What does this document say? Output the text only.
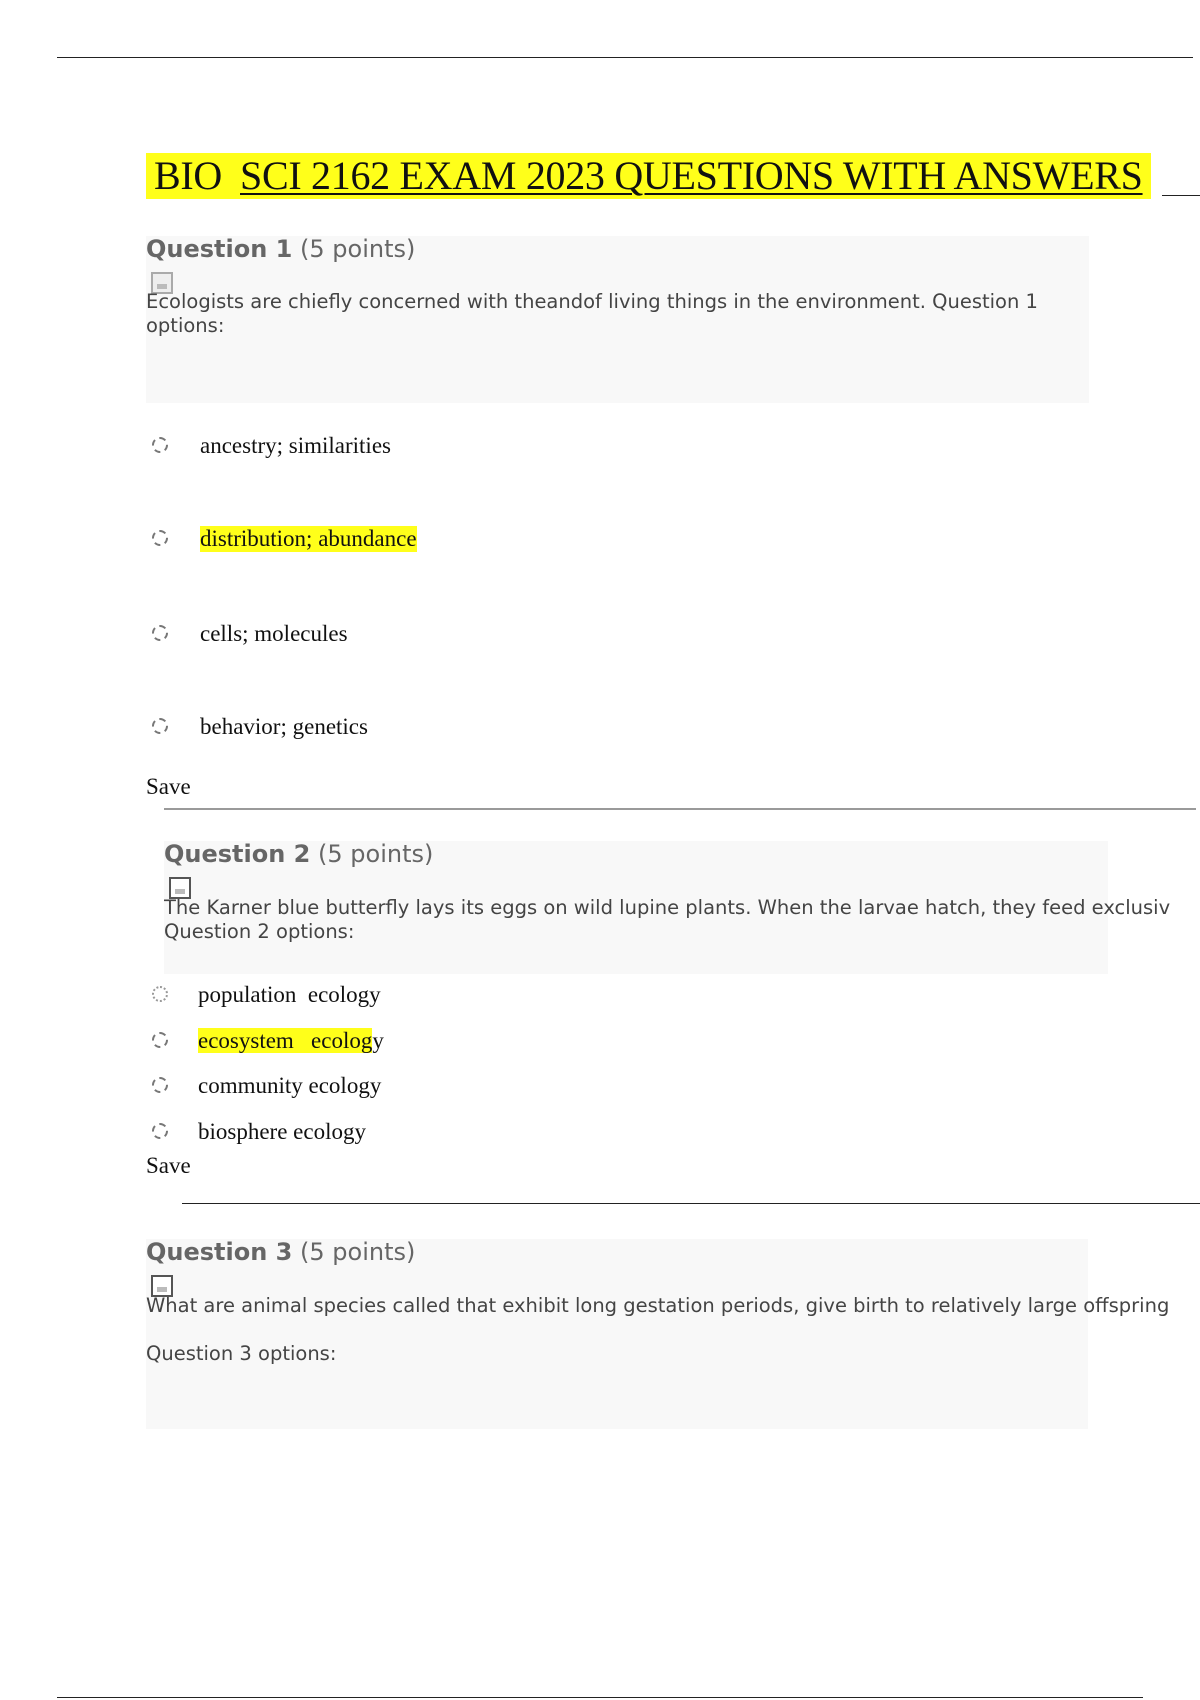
BIO SCI 2162 EXAM 2023 QUESTIONS WITH ANSWERS
Question 1 (5 points)
Ecologists are chiefly concerned with theandof living things in the environment. Question 1
options:
ancestry; similarities
distribution; abundance
cells; molecules
behavior; genetics
Save
Question 2 (5 points)
The Karner blue butterfly lays its eggs on wild lupine plants. When the larvae hatch, they feed exclusiv
Question 2 options:
population  ecology
ecosystem   ecology
community ecology
biosphere ecology
Save
Question 3 (5 points)
What are animal species called that exhibit long gestation periods, give birth to relatively large offspring
Question 3 options:
